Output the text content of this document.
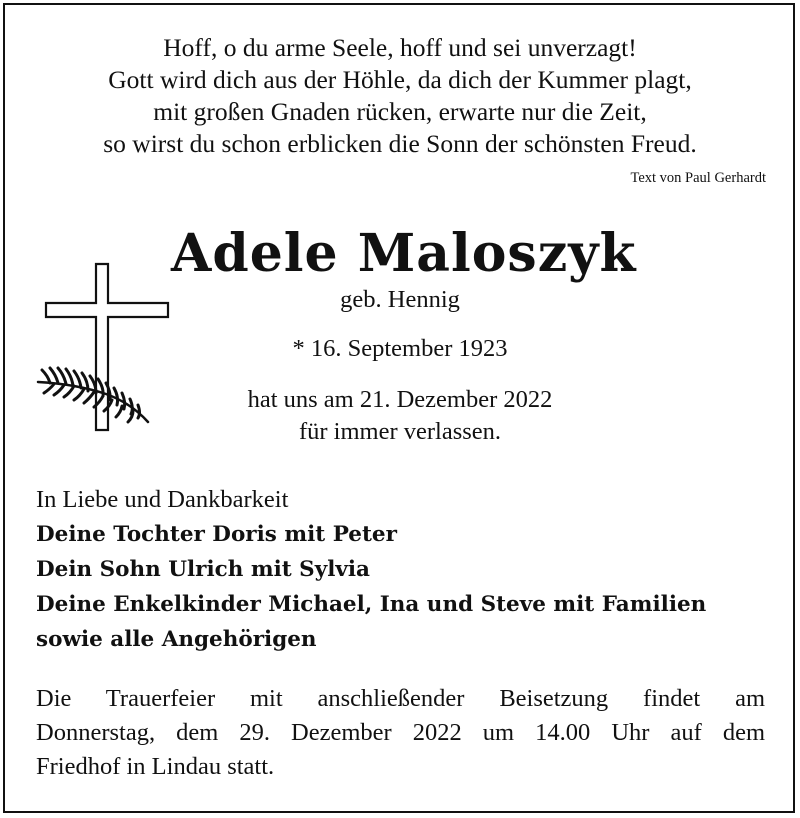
Hoff, o du arme Seele, hoff und sei unverzagt!
Gott wird dich aus der Höhle, da dich der Kummer plagt,
mit großen Gnaden rücken, erwarte nur die Zeit,
so wirst du schon erblicken die Sonn der schönsten Freud.
Text von Paul Gerhardt
Adele Maloszyk
geb. Hennig
* 16. September 1923
hat uns am 21. Dezember 2022
für immer verlassen.
In Liebe und Dankbarkeit
Deine Tochter Doris mit Peter
Dein Sohn Ulrich mit Sylvia
Deine Enkelkinder Michael, Ina und Steve mit Familien
sowie alle Angehörigen
Die Trauerfeier mit anschließender Beisetzung findet am
Donnerstag, dem 29. Dezember 2022 um 14.00 Uhr auf dem
Friedhof in Lindau statt.
